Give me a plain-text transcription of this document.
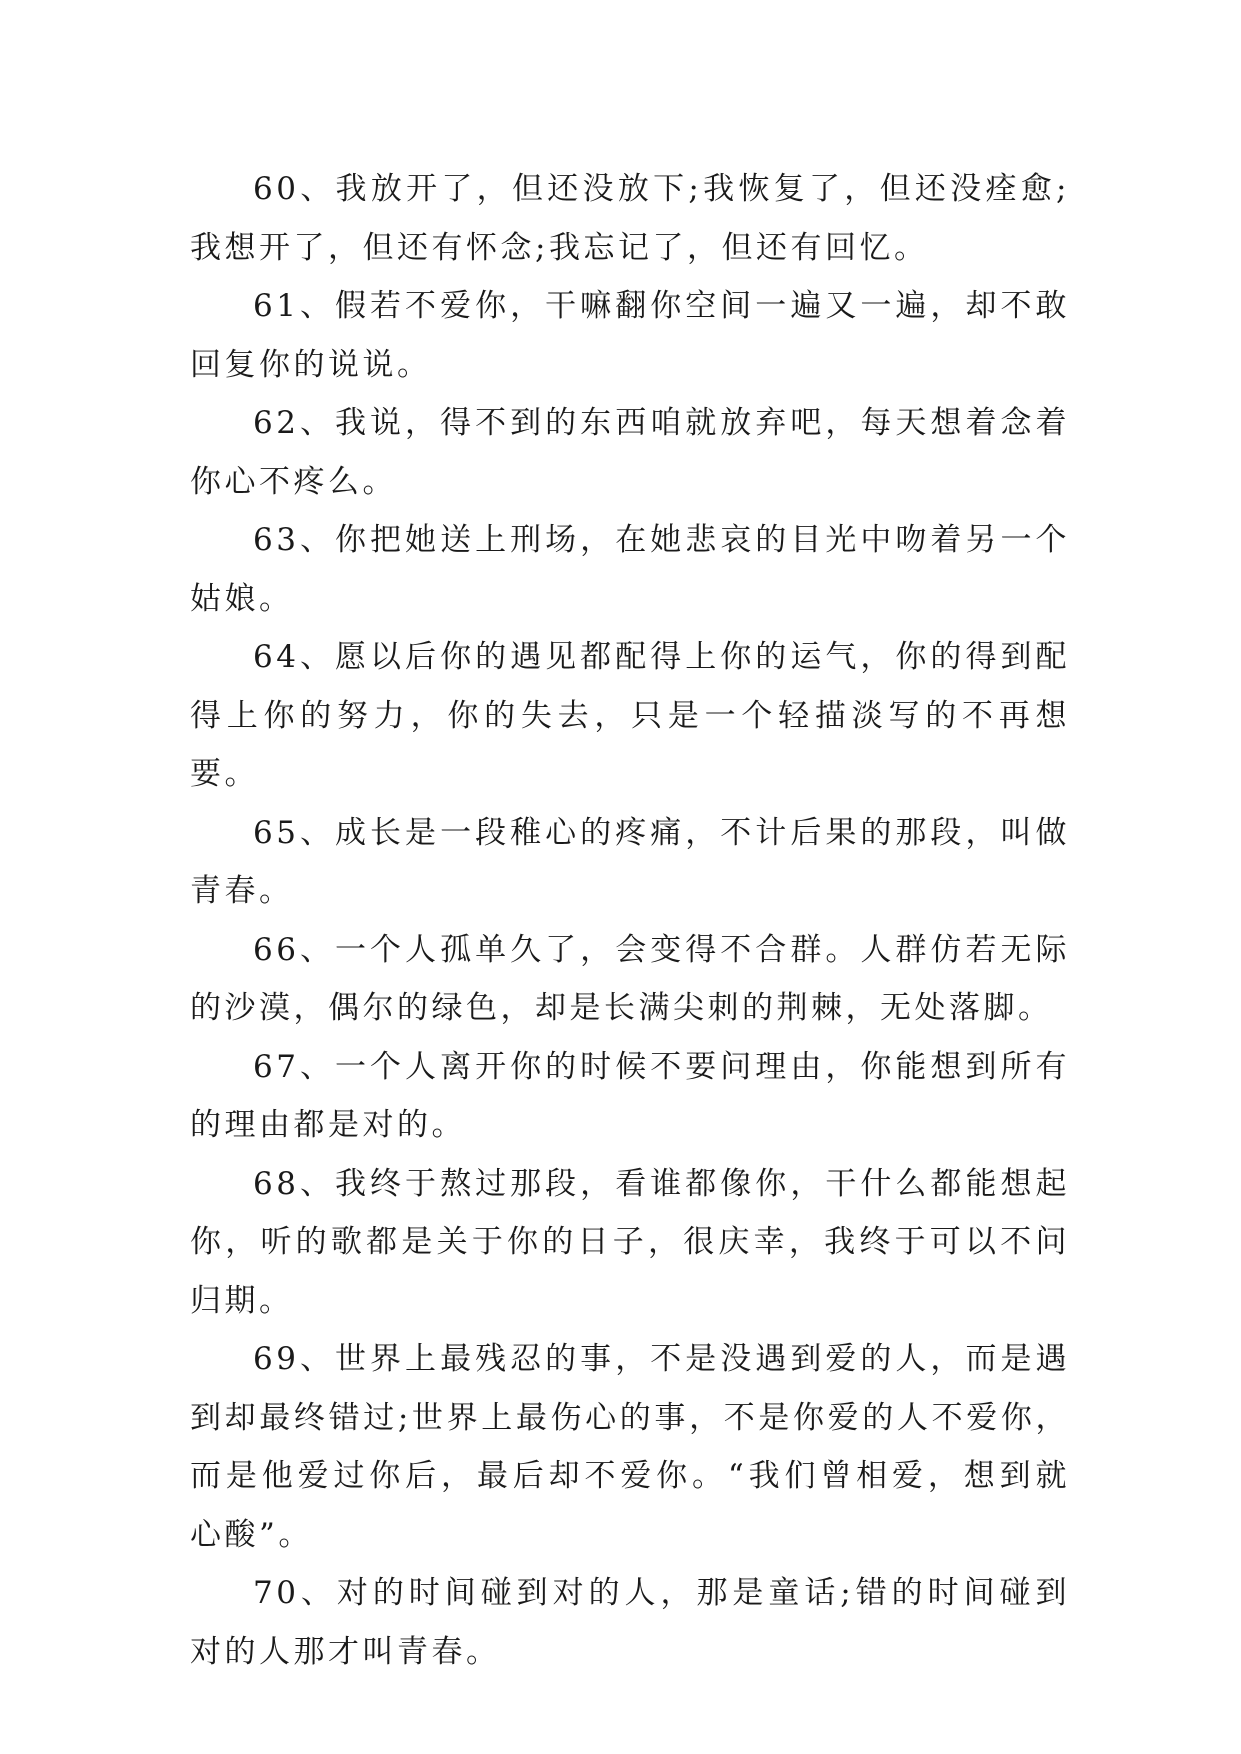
60、我放开了，但还没放下;我恢复了，但还没痊愈;我想开了，但还有怀念;我忘记了，但还有回忆。

61、假若不爱你，干嘛翻你空间一遍又一遍，却不敢回复你的说说。

62、我说，得不到的东西咱就放弃吧，每天想着念着你心不疼么。

63、你把她送上刑场，在她悲哀的目光中吻着另一个姑娘。

64、愿以后你的遇见都配得上你的运气，你的得到配得上你的努力，你的失去，只是一个轻描淡写的不再想要。

65、成长是一段稚心的疼痛，不计后果的那段，叫做青春。

66、一个人孤单久了，会变得不合群。人群仿若无际的沙漠，偶尔的绿色，却是长满尖刺的荆棘，无处落脚。

67、一个人离开你的时候不要问理由，你能想到所有的理由都是对的。

68、我终于熬过那段，看谁都像你，干什么都能想起你，听的歌都是关于你的日子，很庆幸，我终于可以不问归期。

69、世界上最残忍的事，不是没遇到爱的人，而是遇到却最终错过;世界上最伤心的事，不是你爱的人不爱你，而是他爱过你后，最后却不爱你。“我们曾相爱，想到就心酸”。

70、对的时间碰到对的人，那是童话;错的时间碰到对的人那才叫青春。
